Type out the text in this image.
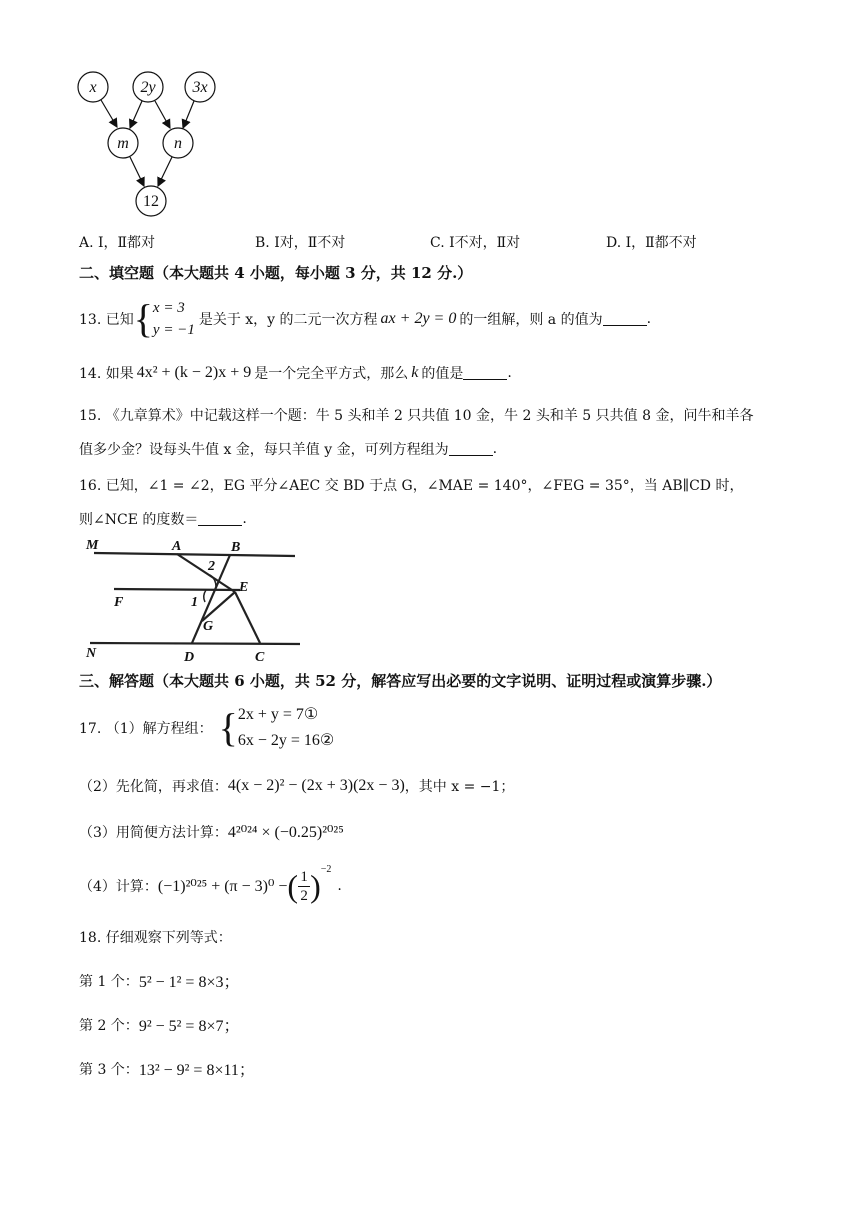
x	2y 3x
m	n
12
A. Ⅰ，Ⅱ都对	B. Ⅰ对，Ⅱ不对	C. Ⅰ不对，Ⅱ对	D. Ⅰ，Ⅱ都不对
二、填空题（本大题共 4 小题，每小题 3 分，共 12 分.）
13. 已知 { x = 3
y = −1
是关于 x，y 的二元一次方程 ax + 2y = 0 的一组解，则 a 的值为	.
14. 如果 4x² + (k − 2)x + 9 是一个完全平方式，那么 k 的值是	.
15. 《九章算术》中记载这样一个题：牛 5 头和羊 2 只共值 10 金，牛 2 头和羊 5 只共值 8 金，问牛和羊各
值多少金？设每头牛值 x 金，每只羊值 y 金，可列方程组为	.
16. 已知，∠1 = ∠2，EG 平分∠AEC 交 BD 于点 G，∠MAE = 140°，∠FEG = 35°，当 AB∥CD 时，
则∠NCE 的度数＝	.
M	A	B
2
E
F	1
G
N	D	C
三、解答题（本大题共 6 小题，共 52 分，解答应写出必要的文字说明、证明过程或演算步骤.）
17. （1）解方程组： { 2x + y = 7①
6x − 2y = 16②
（2）先化简，再求值： 4(x − 2)² − (2x + 3)(2x − 3) ，其中 x = −1；
（3）用简便方法计算： 4²⁰²⁴ × (−0.25)²⁰²⁵
（4）计算： (−1)²⁰²⁵ + (π − 3)⁰ − ( $\frac{1}{2}$ ) −2
.
18. 仔细观察下列等式：
第 1 个： 5² − 1² = 8×3；
第 2 个： 9² − 5² = 8×7；
第 3 个： 13² − 9² = 8×11；
